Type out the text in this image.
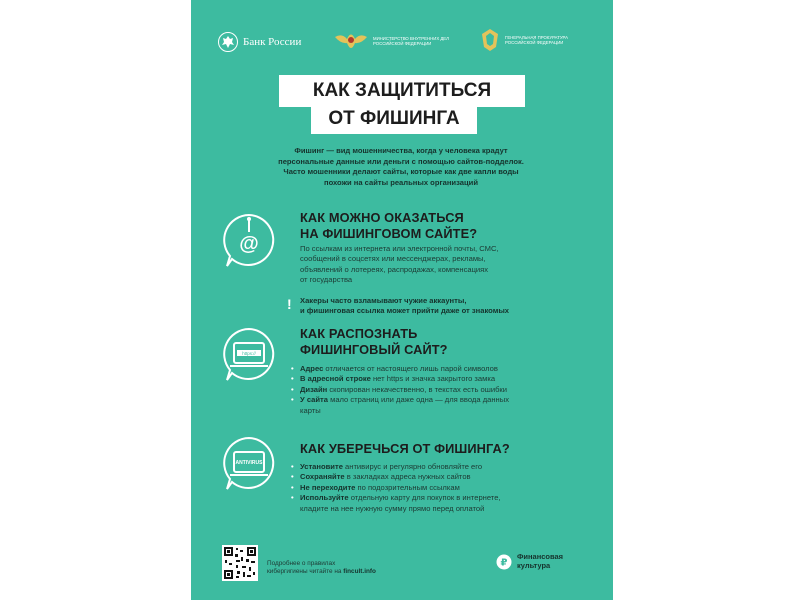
Банк России	МИНИСТЕРСТВО ВНУТРЕННИХ ДЕЛ РОССИЙСКОЙ ФЕДЕРАЦИИ
ГЕНЕРАЛЬНАЯ ПРОКУРАТУРА РОССИЙСКОЙ ФЕДЕРАЦИИ
КАК ЗАЩИТИТЬСЯ
ОТ ФИШИНГА
Фишинг — вид мошенничества, когда у человека крадут
персональные данные или деньги с помощью сайтов-подделок.
Часто мошенники делают сайты, которые как две капли воды
похожи на сайты реальных организаций
@
КАК МОЖНО ОКАЗАТЬСЯ
НА ФИШИНГОВОМ САЙТЕ?
По ссылкам из интернета или электронной почты, СМС,
сообщений в соцсетях или мессенджерах, рекламы,
объявлений о лотереях, распродажах, компенсациях
от государства
! Хакеры часто взламывают чужие аккаунты,
и фишинговая ссылка может прийти даже от знакомых
https://
КАК РАСПОЗНАТЬ
ФИШИНГОВЫЙ САЙТ?
• Адрес отличается от настоящего лишь парой символов
• В адресной строке нет https и значка закрытого замка
• Дизайн скопирован некачественно, в текстах есть ошибки
• У сайта мало страниц или даже одна — для ввода данных
карты
ANTIVIRUS
КАК УБЕРЕЧЬСЯ ОТ ФИШИНГА?
• Установите антивирус и регулярно обновляйте его
• Сохраняйте в закладках адреса нужных сайтов
• Не переходите по подозрительным ссылкам
• Используйте отдельную карту для покупок в интернете,
кладите на нее нужную сумму прямо перед оплатой
Подробнее о правилах
кибергигиены читайте на fincult.info
₽
Финансовая
культура
